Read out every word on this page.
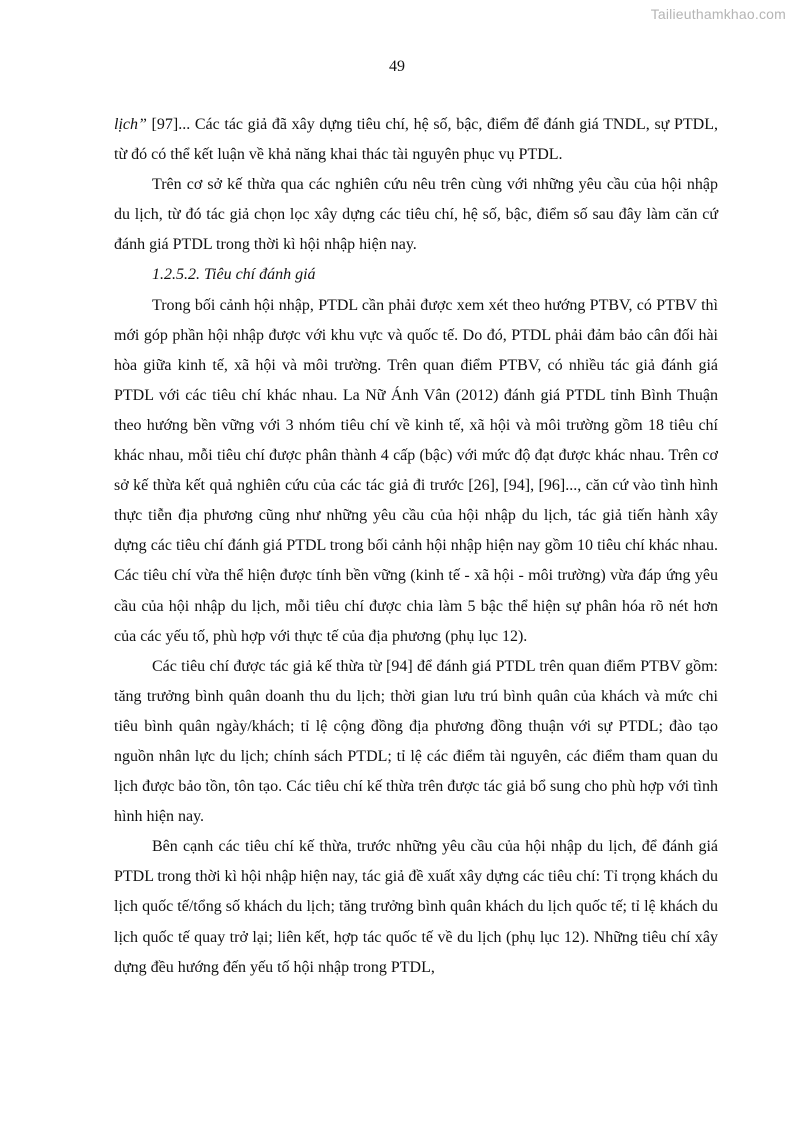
Tailieuthamkhao.com
49

lịch” [97]... Các tác giả đã xây dựng tiêu chí, hệ số, bậc, điểm để đánh giá TNDL, sự PTDL, từ đó có thể kết luận về khả năng khai thác tài nguyên phục vụ PTDL.

Trên cơ sở kế thừa qua các nghiên cứu nêu trên cùng với những yêu cầu của hội nhập du lịch, từ đó tác giả chọn lọc xây dựng các tiêu chí, hệ số, bậc, điểm số sau đây làm căn cứ đánh giá PTDL trong thời kì hội nhập hiện nay.

1.2.5.2. Tiêu chí đánh giá

Trong bối cảnh hội nhập, PTDL cần phải được xem xét theo hướng PTBV, có PTBV thì mới góp phần hội nhập được với khu vực và quốc tế. Do đó, PTDL phải đảm bảo cân đối hài hòa giữa kinh tế, xã hội và môi trường. Trên quan điểm PTBV, có nhiều tác giả đánh giá PTDL với các tiêu chí khác nhau. La Nữ Ánh Vân (2012) đánh giá PTDL tỉnh Bình Thuận theo hướng bền vững với 3 nhóm tiêu chí về kinh tế, xã hội và môi trường gồm 18 tiêu chí khác nhau, mỗi tiêu chí được phân thành 4 cấp (bậc) với mức độ đạt được khác nhau. Trên cơ sở kế thừa kết quả nghiên cứu của các tác giả đi trước [26], [94], [96]..., căn cứ vào tình hình thực tiễn địa phương cũng như những yêu cầu của hội nhập du lịch, tác giả tiến hành xây dựng các tiêu chí đánh giá PTDL trong bối cảnh hội nhập hiện nay gồm 10 tiêu chí khác nhau. Các tiêu chí vừa thể hiện được tính bền vững (kinh tế - xã hội - môi trường) vừa đáp ứng yêu cầu của hội nhập du lịch, mỗi tiêu chí được chia làm 5 bậc thể hiện sự phân hóa rõ nét hơn của các yếu tố, phù hợp với thực tế của địa phương (phụ lục 12).

Các tiêu chí được tác giả kế thừa từ [94] để đánh giá PTDL trên quan điểm PTBV gồm: tăng trưởng bình quân doanh thu du lịch; thời gian lưu trú bình quân của khách và mức chi tiêu bình quân ngày/khách; tỉ lệ cộng đồng địa phương đồng thuận với sự PTDL; đào tạo nguồn nhân lực du lịch; chính sách PTDL; tỉ lệ các điểm tài nguyên, các điểm tham quan du lịch được bảo tồn, tôn tạo. Các tiêu chí kế thừa trên được tác giả bổ sung cho phù hợp với tình hình hiện nay.

Bên cạnh các tiêu chí kế thừa, trước những yêu cầu của hội nhập du lịch, để đánh giá PTDL trong thời kì hội nhập hiện nay, tác giả đề xuất xây dựng các tiêu chí: Tỉ trọng khách du lịch quốc tế/tổng số khách du lịch; tăng trưởng bình quân khách du lịch quốc tế; tỉ lệ khách du lịch quốc tế quay trở lại; liên kết, hợp tác quốc tế về du lịch (phụ lục 12). Những tiêu chí xây dựng đều hướng đến yếu tố hội nhập trong PTDL,
